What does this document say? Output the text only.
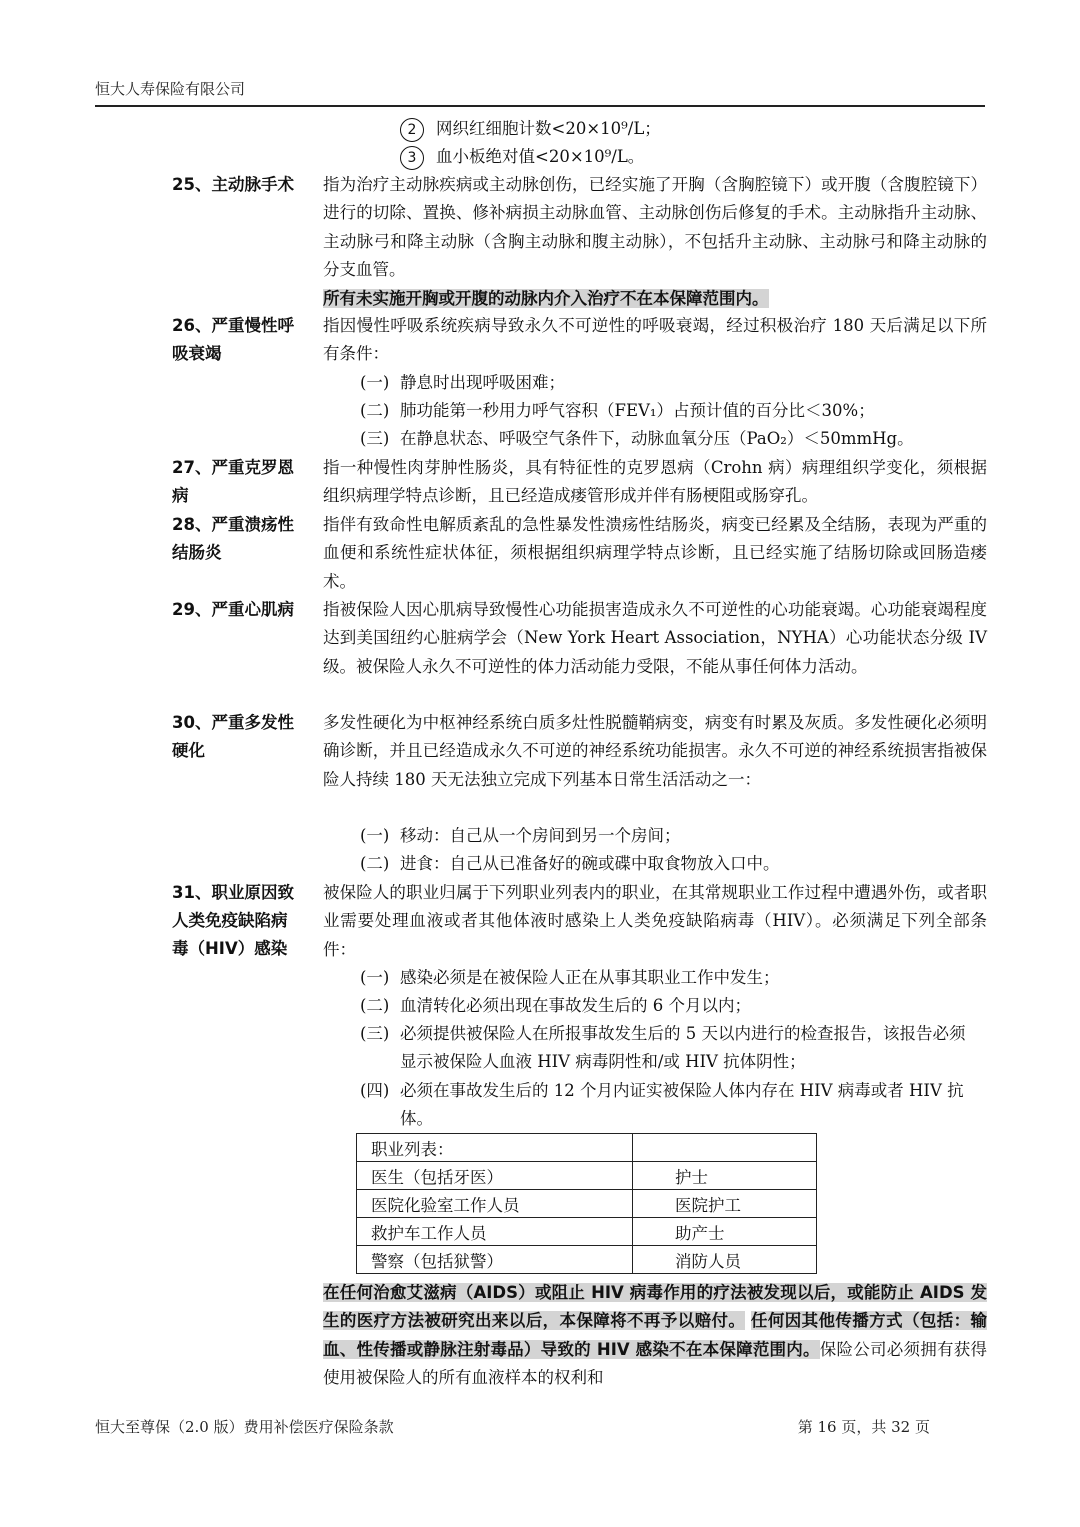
恒大人寿保险有限公司
2 网织红细胞计数<20×10⁹/L；
3 血小板绝对值<20×10⁹/L。
25、主动脉手术	指为治疗主动脉疾病或主动脉创伤，已经实施了开胸（含胸腔镜下）或开腹（含腹腔镜下）进行的切除、置换、修补病损主动脉血管、主动脉创伤后修复的手术。主动脉指升主动脉、主动脉弓和降主动脉（含胸主动脉和腹主动脉），不包括升主动脉、主动脉弓和降主动脉的分支血管。
所有未实施开胸或开腹的动脉内介入治疗不在本保障范围内。
26、严重慢性呼吸衰竭
指因慢性呼吸系统疾病导致永久不可逆性的呼吸衰竭，经过积极治疗 180 天后满足以下所有条件：
(一) 静息时出现呼吸困难；
(二) 肺功能第一秒用力呼气容积（FEV₁）占预计值的百分比＜30%；
(三) 在静息状态、呼吸空气条件下，动脉血氧分压（PaO₂）＜50mmHg。
27、严重克罗恩病
指一种慢性肉芽肿性肠炎，具有特征性的克罗恩病（Crohn 病）病理组织学变化，须根据组织病理学特点诊断，且已经造成瘘管形成并伴有肠梗阻或肠穿孔。
28、严重溃疡性结肠炎
指伴有致命性电解质紊乱的急性暴发性溃疡性结肠炎，病变已经累及全结肠，表现为严重的血便和系统性症状体征，须根据组织病理学特点诊断，且已经实施了结肠切除或回肠造瘘术。
29、严重心肌病	指被保险人因心肌病导致慢性心功能损害造成永久不可逆性的心功能衰竭。心功能衰竭程度达到美国纽约心脏病学会（New York Heart Association，NYHA）心功能状态分级 IV 级。被保险人永久不可逆性的体力活动能力受限，不能从事任何体力活动。
30、严重多发性硬化
多发性硬化为中枢神经系统白质多灶性脱髓鞘病变，病变有时累及灰质。多发性硬化必须明确诊断，并且已经造成永久不可逆的神经系统功能损害。永久不可逆的神经系统损害指被保险人持续 180 天无法独立完成下列基本日常生活活动之一：
(一) 移动：自己从一个房间到另一个房间；
(二) 进食：自己从已准备好的碗或碟中取食物放入口中。
31、职业原因致人类免疫缺陷病毒（HIV）感染
被保险人的职业归属于下列职业列表内的职业，在其常规职业工作过程中遭遇外伤，或者职业需要处理血液或者其他体液时感染上人类免疫缺陷病毒（HIV）。必须满足下列全部条件：
(一) 感染必须是在被保险人正在从事其职业工作中发生；
(二) 血清转化必须出现在事故发生后的 6 个月以内；
(三) 必须提供被保险人在所报事故发生后的 5 天以内进行的检查报告，该报告必须显示被保险人血液 HIV 病毒阴性和/或 HIV 抗体阴性；
(四) 必须在事故发生后的 12 个月内证实被保险人体内存在 HIV 病毒或者 HIV 抗体。
职业列表：	
医生（包括牙医）	护士
医院化验室工作人员	医院护工
救护车工作人员	助产士
警察（包括狱警）	消防人员
在任何治愈艾滋病（AIDS）或阻止 HIV 病毒作用的疗法被发现以后，或能防止 AIDS 发生的医疗方法被研究出来以后，本保障将不再予以赔付。 任何因其他传播方式（包括：输血、性传播或静脉注射毒品）导致的 HIV 感染不在本保障范围内。保险公司必须拥有获得使用被保险人的所有血液样本的权利和
恒大至尊保（2.0 版）费用补偿医疗保险条款	第 16 页，共 32 页
